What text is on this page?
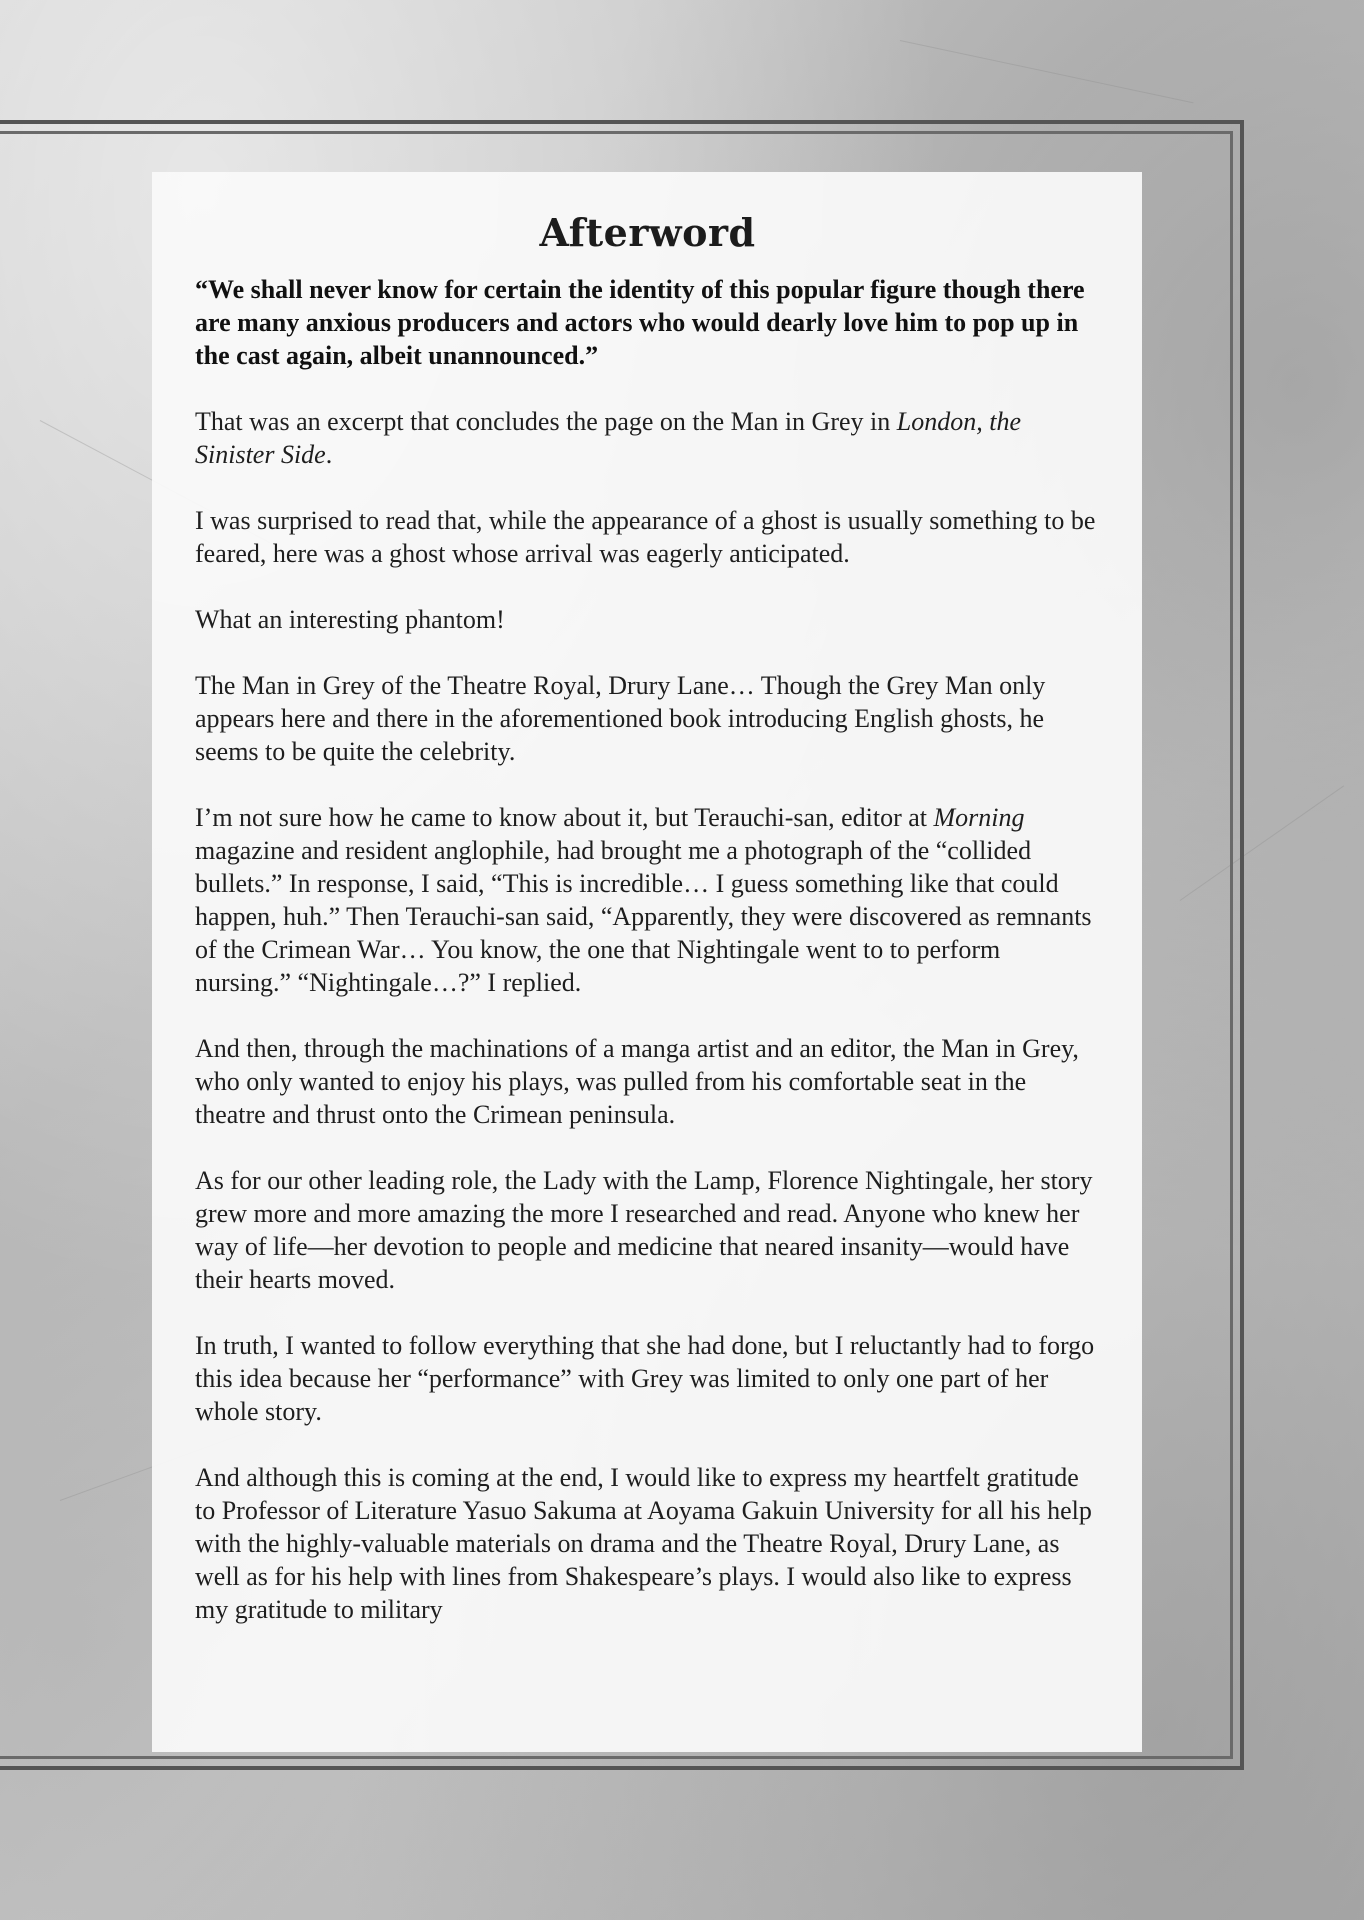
Afterword

“We shall never know for certain the identity of this popular figure though there are many anxious producers and actors who would dearly love him to pop up in the cast again, albeit unannounced.”

That was an excerpt that concludes the page on the Man in Grey in London, the Sinister Side.

I was surprised to read that, while the appearance of a ghost is usually something to be feared, here was a ghost whose arrival was eagerly anticipated.

What an interesting phantom!

The Man in Grey of the Theatre Royal, Drury Lane… Though the Grey Man only appears here and there in the aforementioned book introducing English ghosts, he seems to be quite the celebrity.

I’m not sure how he came to know about it, but Terauchi-san, editor at Morning magazine and resident anglophile, had brought me a photograph of the “collided bullets.” In response, I said, “This is incredible… I guess something like that could happen, huh.” Then Terauchi-san said, “Apparently, they were discovered as remnants of the Crimean War… You know, the one that Nightingale went to to perform nursing.” “Nightingale…?” I replied.

And then, through the machinations of a manga artist and an editor, the Man in Grey, who only wanted to enjoy his plays, was pulled from his comfortable seat in the theatre and thrust onto the Crimean peninsula.

As for our other leading role, the Lady with the Lamp, Florence Nightingale, her story grew more and more amazing the more I researched and read. Anyone who knew her way of life—her devotion to people and medicine that neared insanity—would have their hearts moved.

In truth, I wanted to follow everything that she had done, but I reluctantly had to forgo this idea because her “performance” with Grey was limited to only one part of her whole story.

And although this is coming at the end, I would like to express my heartfelt gratitude to Professor of Literature Yasuo Sakuma at Aoyama Gakuin University for all his help with the highly-valuable materials on drama and the Theatre Royal, Drury Lane, as well as for his help with lines from Shakespeare’s plays. I would also like to express my gratitude to military
